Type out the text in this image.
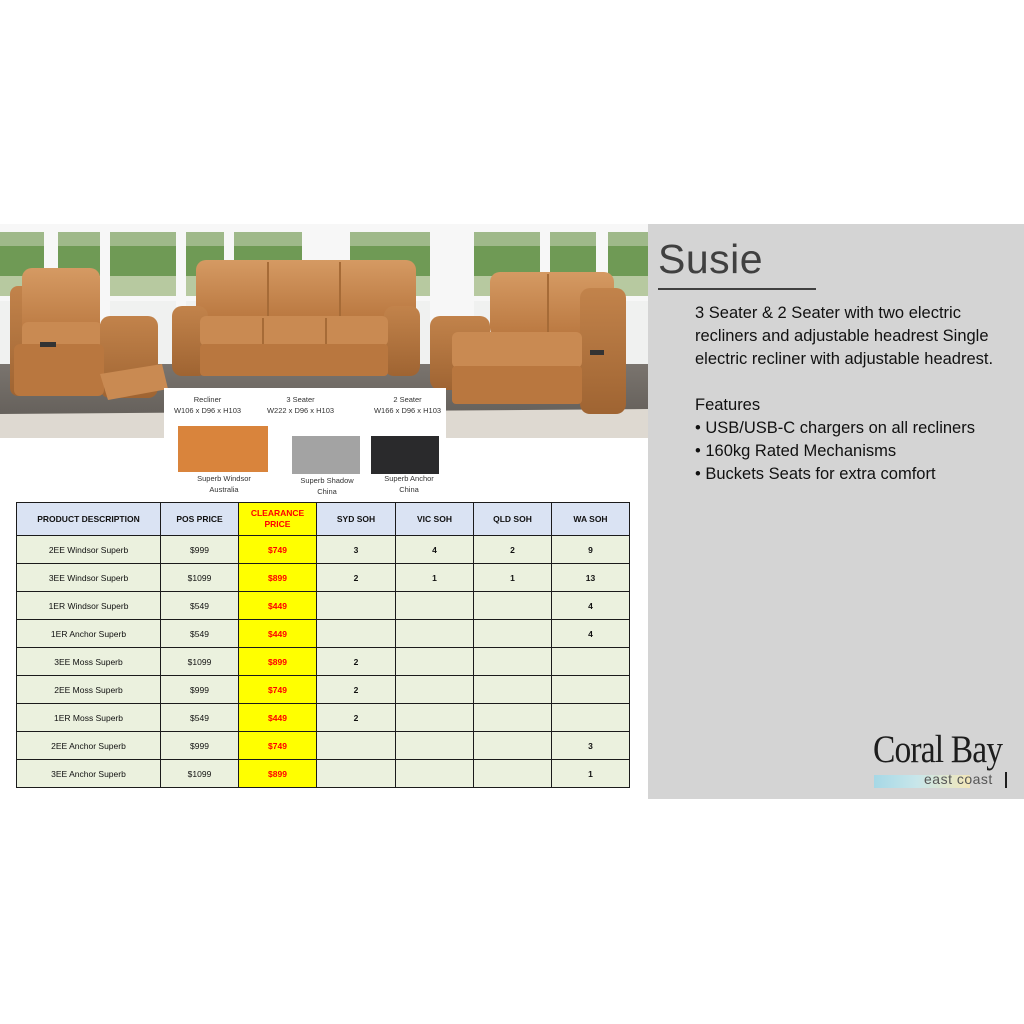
Recliner
W106 x D96 x H103
3 Seater
W222 x D96 x H103
2 Seater
W166 x D96 x H103
Superb Windsor
Australia
Superb Shadow
China
Superb Anchor
China
PRODUCT DESCRIPTION	POS PRICE	CLEARANCE PRICE	SYD SOH	VIC SOH	QLD SOH	WA SOH
2EE Windsor Superb	$999	$749	3	4	2	9
3EE Windsor Superb	$1099	$899	2	1	1	13
1ER Windsor Superb	$549	$449				4
1ER Anchor Superb	$549	$449				4
3EE Moss Superb	$1099	$899	2			
2EE Moss Superb	$999	$749	2			
1ER Moss Superb	$549	$449	2			
2EE Anchor Superb	$999	$749				3
3EE Anchor Superb	$1099	$899				1
Susie
3 Seater & 2 Seater with two electric recliners and adjustable headrest Single electric recliner with adjustable headrest.
Features
• USB/USB-C chargers on all recliners
• 160kg Rated Mechanisms
• Buckets Seats for extra comfort
Coral Bay
east coast
